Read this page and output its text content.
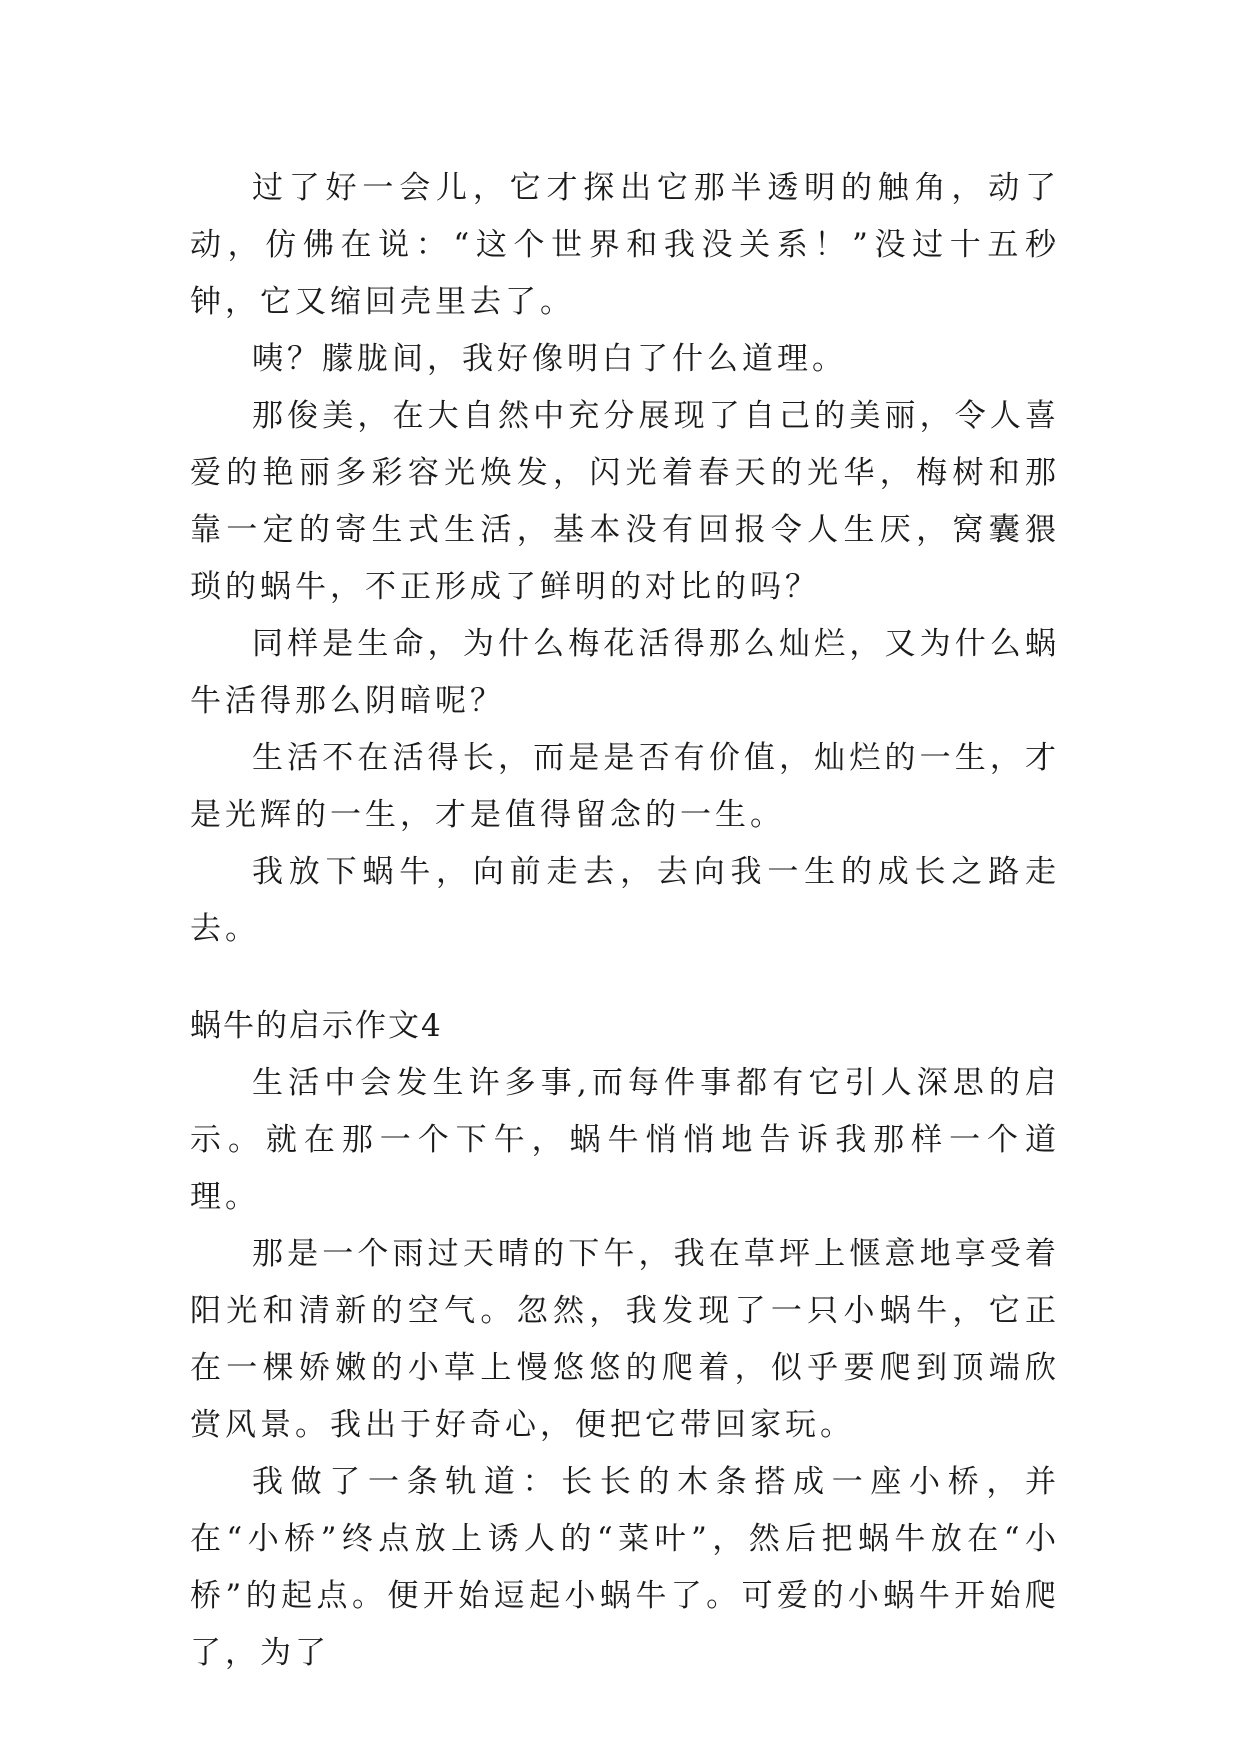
过了好一会儿，它才探出它那半透明的触角，动了动，仿佛在说：“这个世界和我没关系！”没过十五秒钟，它又缩回壳里去了。

咦？朦胧间，我好像明白了什么道理。

那俊美，在大自然中充分展现了自己的美丽，令人喜爱的艳丽多彩容光焕发，闪光着春天的光华，梅树和那靠一定的寄生式生活，基本没有回报令人生厌，窝囊猥琐的蜗牛，不正形成了鲜明的对比的吗？

同样是生命，为什么梅花活得那么灿烂，又为什么蜗牛活得那么阴暗呢？

生活不在活得长，而是是否有价值，灿烂的一生，才是光辉的一生，才是值得留念的一生。

我放下蜗牛，向前走去，去向我一生的成长之路走去。

蜗牛的启示作文4

生活中会发生许多事,而每件事都有它引人深思的启示。就在那一个下午，蜗牛悄悄地告诉我那样一个道理。

那是一个雨过天晴的下午，我在草坪上惬意地享受着阳光和清新的空气。忽然，我发现了一只小蜗牛，它正在一棵娇嫩的小草上慢悠悠的爬着，似乎要爬到顶端欣赏风景。我出于好奇心，便把它带回家玩。

我做了一条轨道：长长的木条搭成一座小桥，并在“小桥”终点放上诱人的“菜叶”，然后把蜗牛放在“小桥”的起点。便开始逗起小蜗牛了。可爱的小蜗牛开始爬了，为了
